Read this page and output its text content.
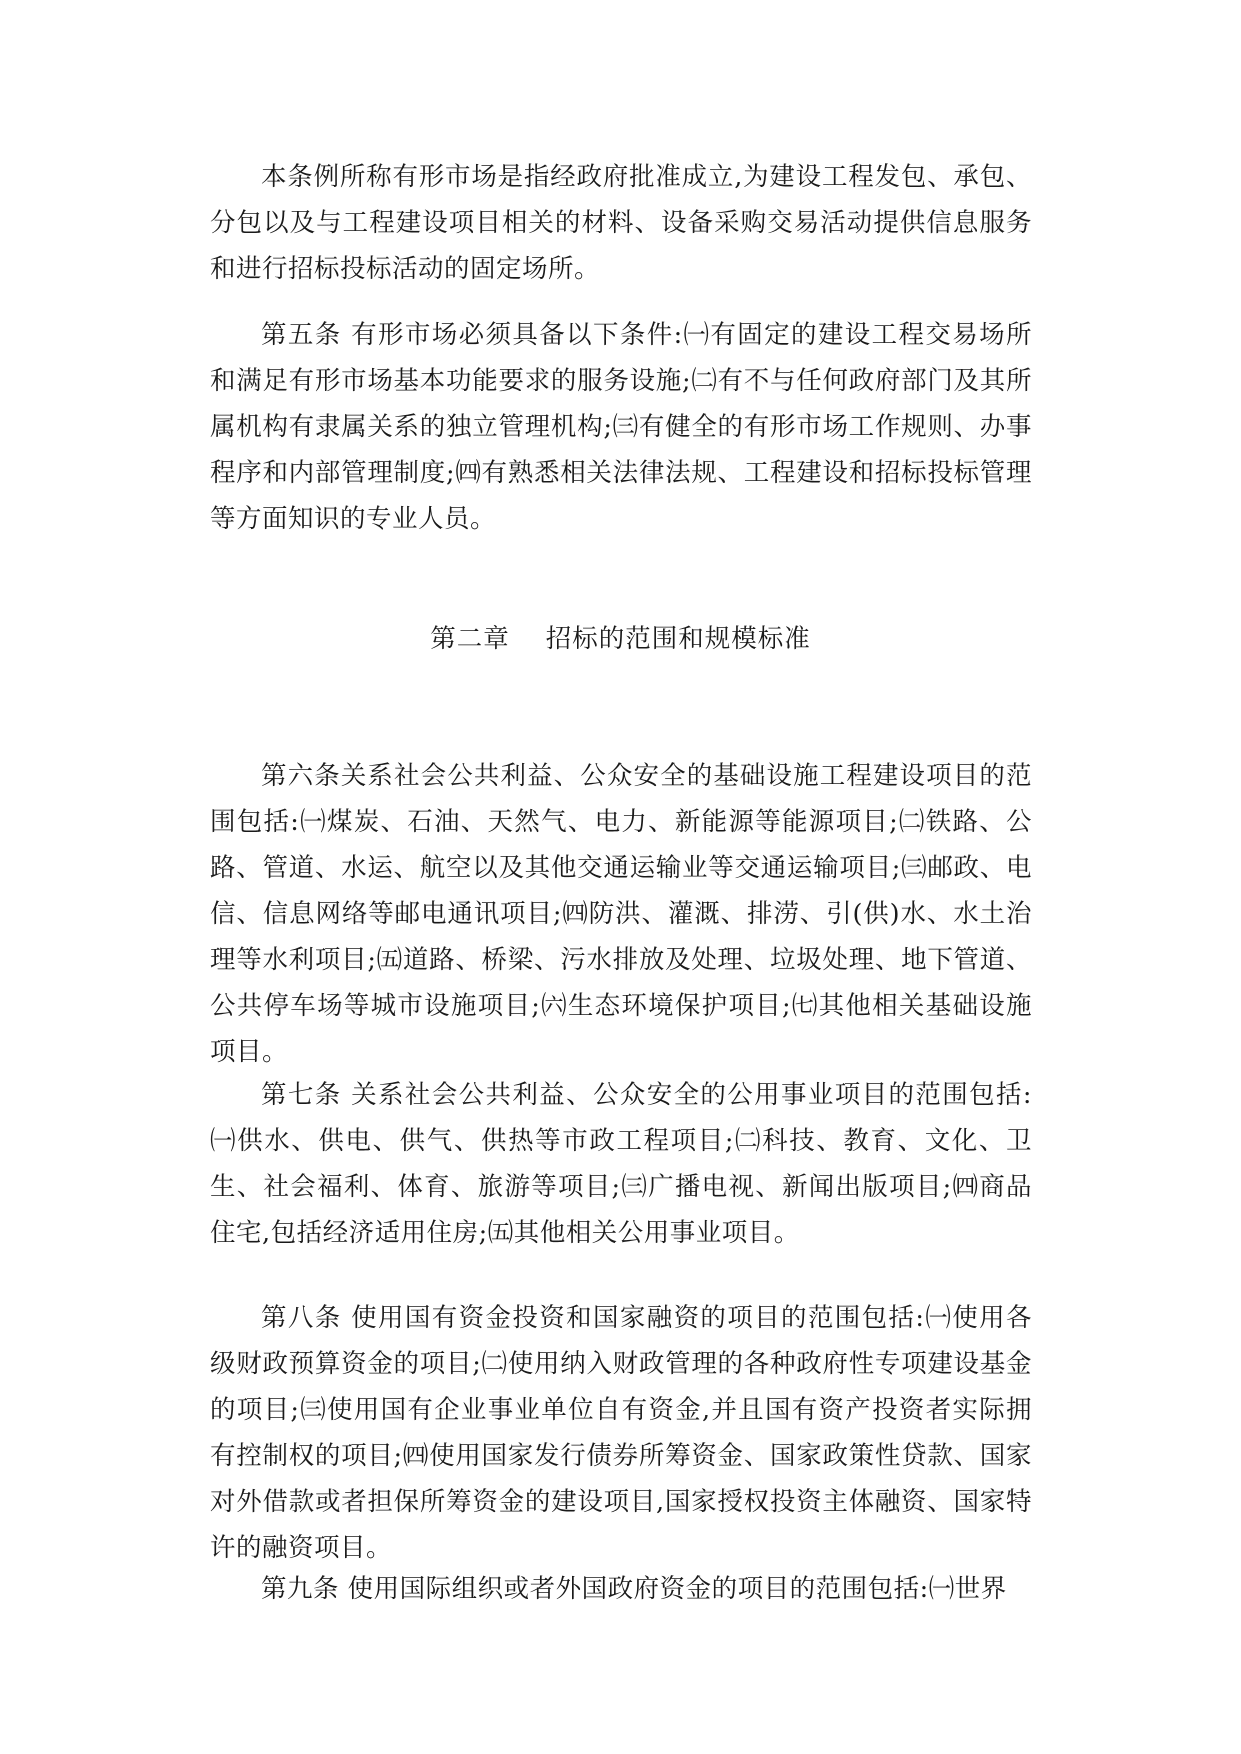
本条例所称有形市场是指经政府批准成立,为建设工程发包、承包、分包以及与工程建设项目相关的材料、设备采购交易活动提供信息服务和进行招标投标活动的固定场所。

第五条 有形市场必须具备以下条件:㈠有固定的建设工程交易场所和满足有形市场基本功能要求的服务设施;㈡有不与任何政府部门及其所属机构有隶属关系的独立管理机构;㈢有健全的有形市场工作规则、办事程序和内部管理制度;㈣有熟悉相关法律法规、工程建设和招标投标管理等方面知识的专业人员。

第二章 招标的范围和规模标准

第六条关系社会公共利益、公众安全的基础设施工程建设项目的范围包括:㈠煤炭、石油、天然气、电力、新能源等能源项目;㈡铁路、公路、管道、水运、航空以及其他交通运输业等交通运输项目;㈢邮政、电信、信息网络等邮电通讯项目;㈣防洪、灌溉、排涝、引(供)水、水土治理等水利项目;㈤道路、桥梁、污水排放及处理、垃圾处理、地下管道、公共停车场等城市设施项目;㈥生态环境保护项目;㈦其他相关基础设施项目。

第七条 关系社会公共利益、公众安全的公用事业项目的范围包括:㈠供水、供电、供气、供热等市政工程项目;㈡科技、教育、文化、卫生、社会福利、体育、旅游等项目;㈢广播电视、新闻出版项目;㈣商品住宅,包括经济适用住房;㈤其他相关公用事业项目。

第八条 使用国有资金投资和国家融资的项目的范围包括:㈠使用各级财政预算资金的项目;㈡使用纳入财政管理的各种政府性专项建设基金的项目;㈢使用国有企业事业单位自有资金,并且国有资产投资者实际拥有控制权的项目;㈣使用国家发行债券所筹资金、国家政策性贷款、国家对外借款或者担保所筹资金的建设项目,国家授权投资主体融资、国家特许的融资项目。

第九条 使用国际组织或者外国政府资金的项目的范围包括:㈠世界
